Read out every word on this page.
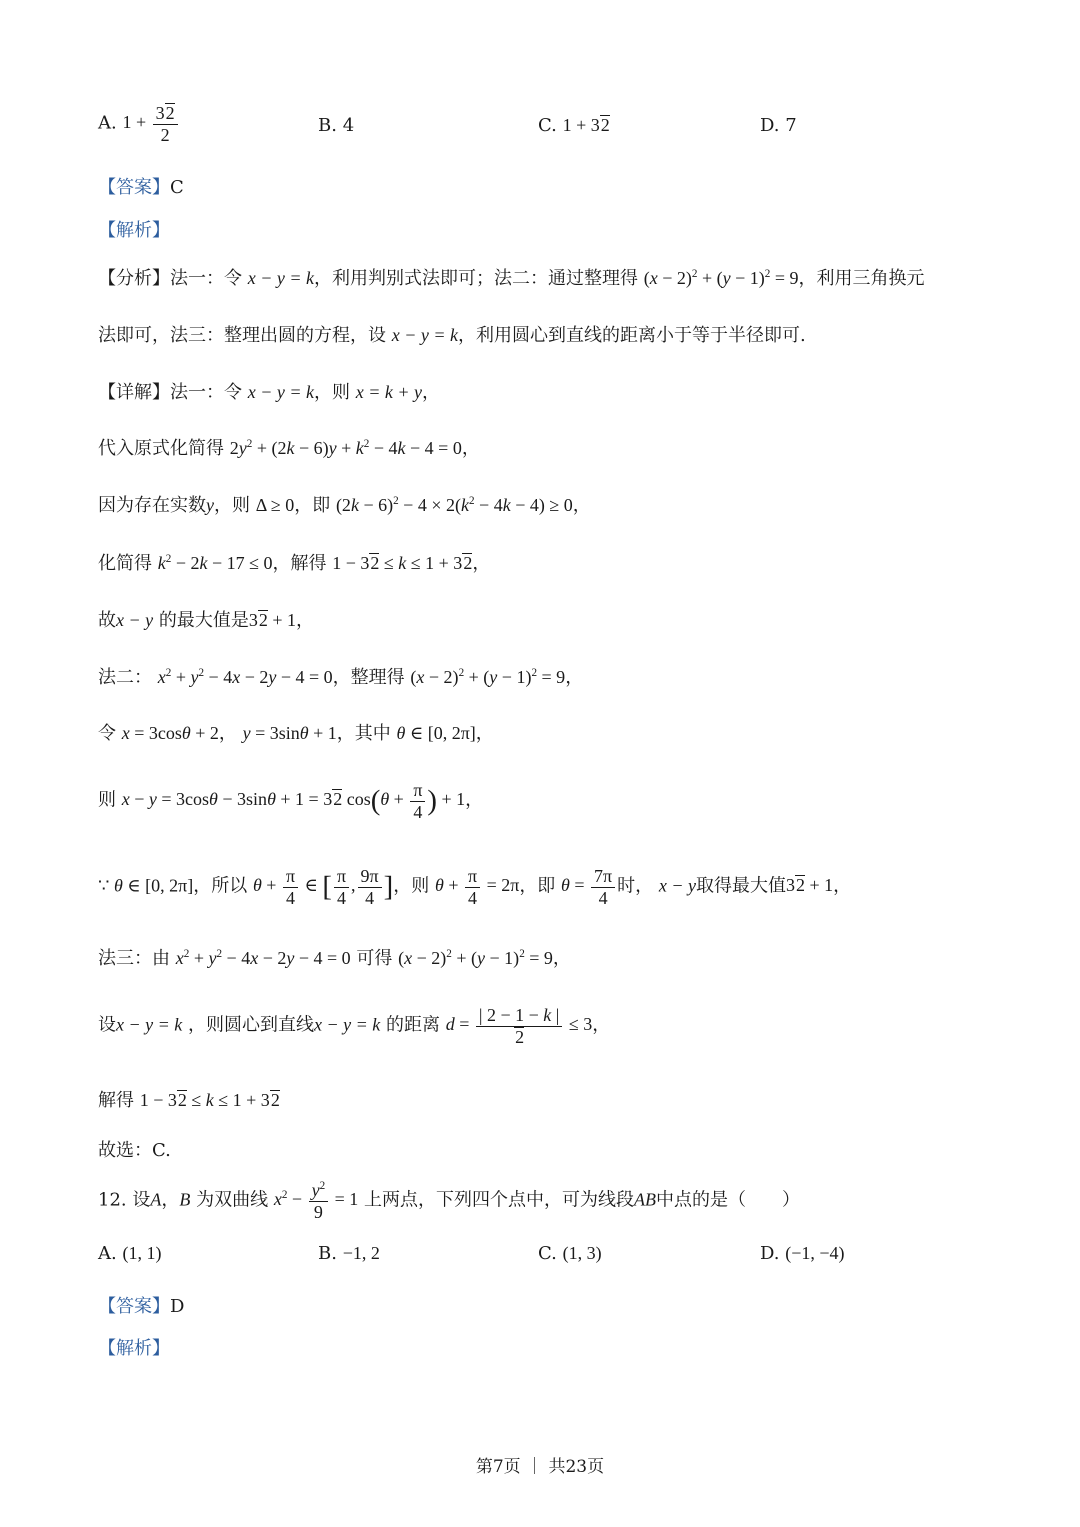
A. $1 + \frac{32}{2}$	B. 4	C. 1 + 32	D. 7
【答案】C
【解析】
【分析】法一：令 x − y = k，利用判别式法即可；法二：通过整理得 $(x - 2)^2 + (y - 1)^2 = 9$，利用三角换元
法即可，法三：整理出圆的方程，设 x − y = k，利用圆心到直线的距离小于等于半径即可.
【详解】法一：令 x − y = k，则 x = k + y，
代入原式化简得 $2y^2 + (2k - 6)y + k^2 - 4k - 4 = 0$，
因为存在实数y，则 Δ ≥ 0，即 $(2k - 6)^2 - 4 \times 2(k^2 - 4k - 4) \ge 0$，
化简得 $k^2 - 2k - 17 \le 0$，解得 1 − 32 ≤ k ≤ 1 + 32，
故x − y 的最大值是32 + 1，
法二： $x^2 + y^2 - 4x - 2y - 4 = 0$，整理得 $(x - 2)^2 + (y - 1)^2 = 9$，
令 x = 3cosθ + 2， y = 3sinθ + 1，其中 θ ∈ [0, 2π]，
则 x − y = 3cosθ − 3sinθ + 1 = 32 $\cos(\theta + \frac{\pi}{4}$ ) + 1，
∵ θ ∈ [0, 2π]，所以 $\theta + \frac{\pi}{4}$ ∈ [ $\frac{\pi}{4}$ , $\frac{9\pi}{4}$ ]，则 $\theta + \frac{\pi}{4} = 2\pi$，即 $\theta = \frac{7\pi}{4}$ 时， x − y取得最大值32 + 1，
法三：由 $x^2 + y^2 - 4x - 2y - 4 = 0$ 可得 $(x - 2)^2 + (y - 1)^2 = 9$，
设x − y = k ，则圆心到直线x − y = k 的距离 $d = \frac{| 2 - 1 - k |}{2} \le 3$，
解得 1 − 32 ≤ k ≤ 1 + 32
故选：C.
12. 设A，B 为双曲线 $x^2 - \frac{y^2}{9} = 1$ 上两点，下列四个点中，可为线段AB中点的是（　　）
A. (1, 1)	B. −1, 2	C. (1, 3)	D. (−1, −4)
【答案】D
【解析】
第7页 ｜ 共23页
